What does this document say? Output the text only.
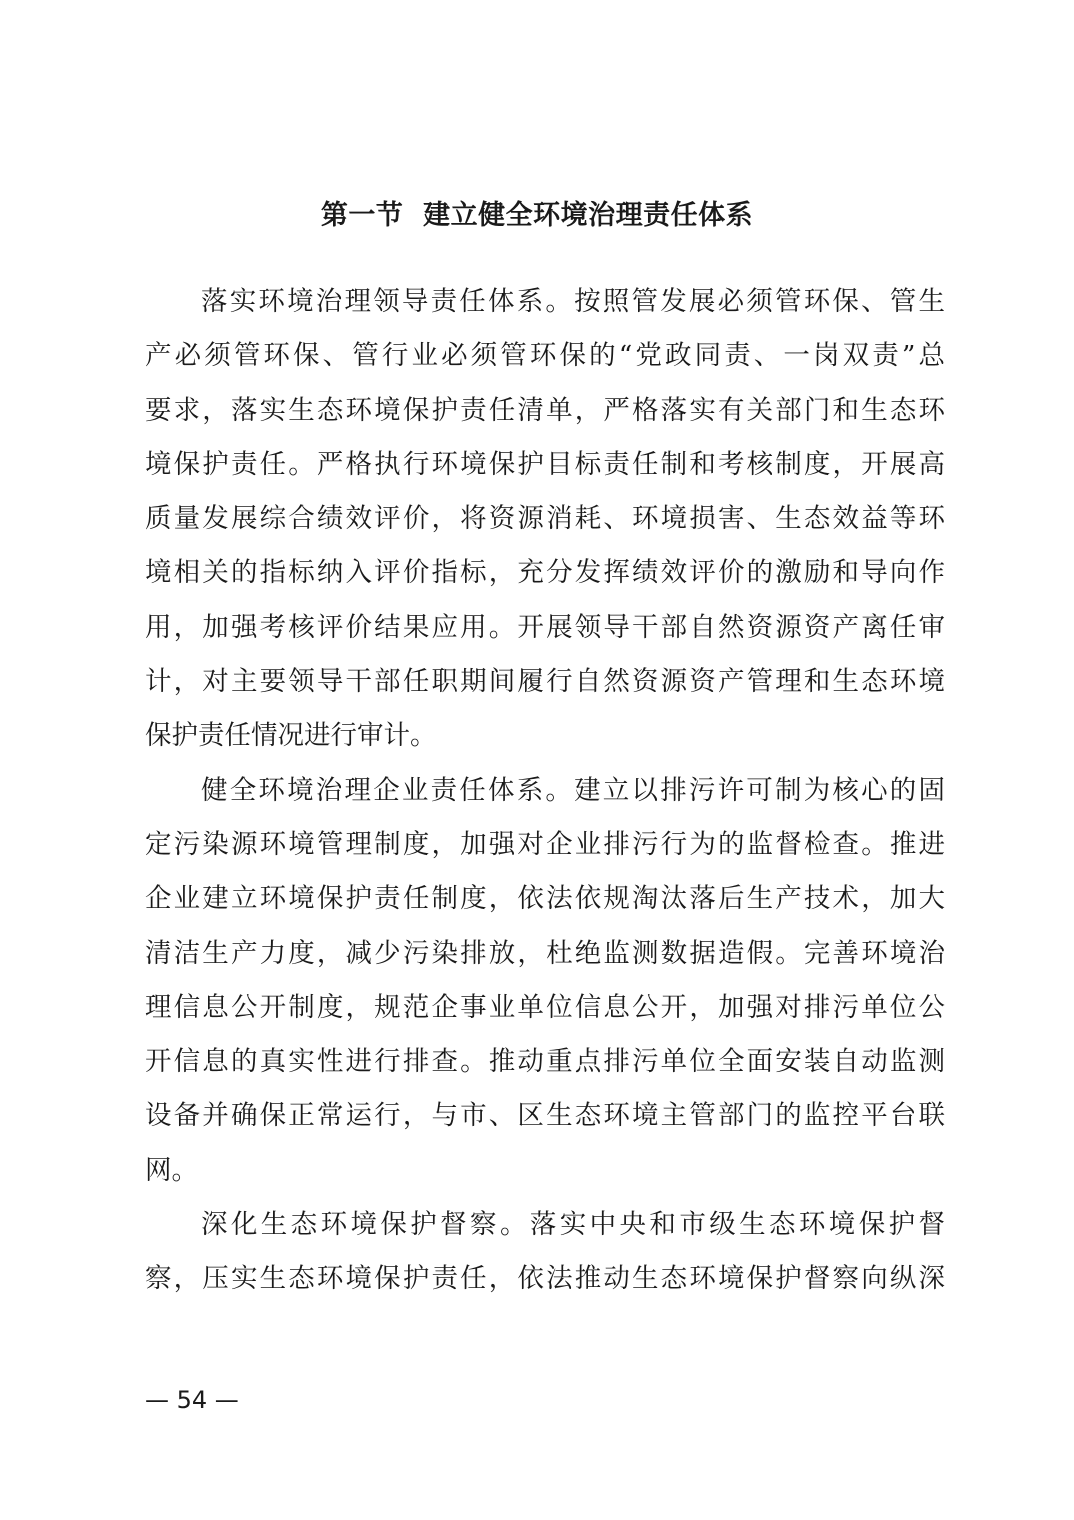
第一节  建立健全环境治理责任体系
落实环境治理领导责任体系。按照管发展必须管环保、管生
产必须管环保、管行业必须管环保的“党政同责、一岗双责”总
要求，落实生态环境保护责任清单，严格落实有关部门和生态环
境保护责任。严格执行环境保护目标责任制和考核制度，开展高
质量发展综合绩效评价，将资源消耗、环境损害、生态效益等环
境相关的指标纳入评价指标，充分发挥绩效评价的激励和导向作
用，加强考核评价结果应用。开展领导干部自然资源资产离任审
计，对主要领导干部任职期间履行自然资源资产管理和生态环境
保护责任情况进行审计。
健全环境治理企业责任体系。建立以排污许可制为核心的固
定污染源环境管理制度，加强对企业排污行为的监督检查。推进
企业建立环境保护责任制度，依法依规淘汰落后生产技术，加大
清洁生产力度，减少污染排放，杜绝监测数据造假。完善环境治
理信息公开制度，规范企事业单位信息公开，加强对排污单位公
开信息的真实性进行排查。推动重点排污单位全面安装自动监测
设备并确保正常运行，与市、区生态环境主管部门的监控平台联
网。
深化生态环境保护督察。落实中央和市级生态环境保护督
察，压实生态环境保护责任，依法推动生态环境保护督察向纵深
— 54 —
